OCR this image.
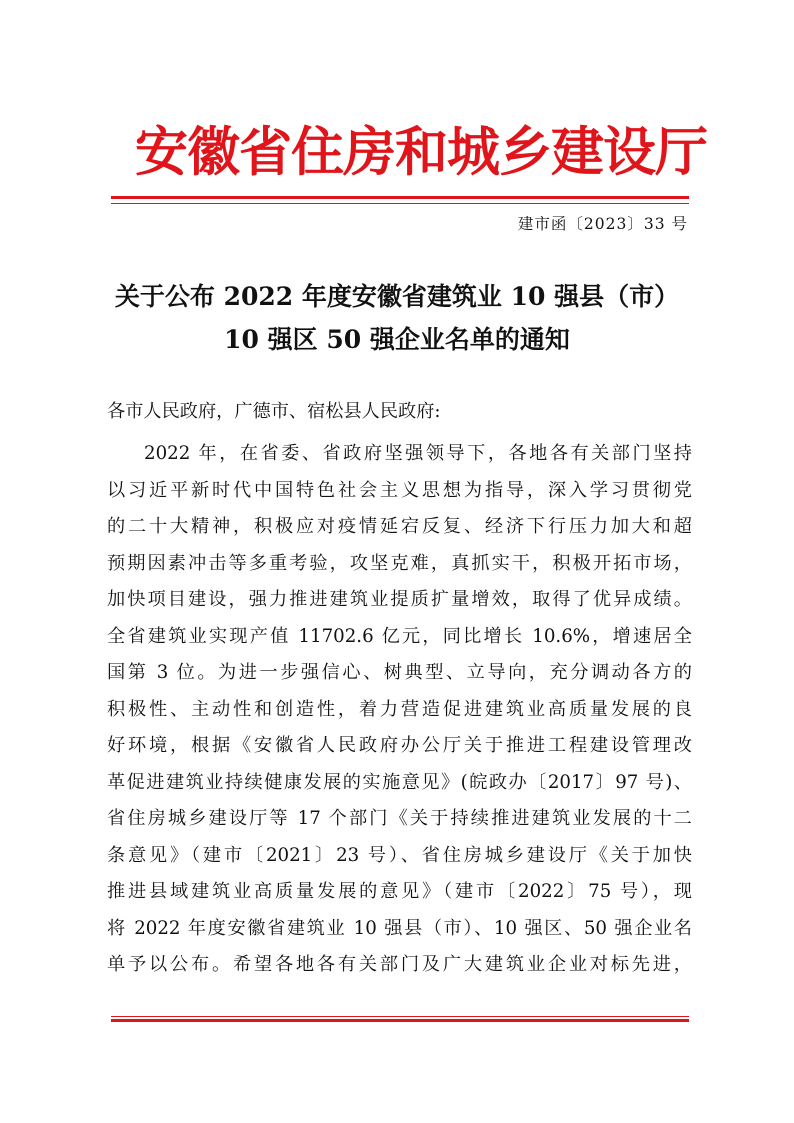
安徽省住房和城乡建设厅
建市函〔2023〕33 号
关于公布 2022 年度安徽省建筑业 10 强县（市）
10 强区 50 强企业名单的通知
各市人民政府，广德市、宿松县人民政府:
2022 年，在省委、省政府坚强领导下，各地各有关部门坚持
以习近平新时代中国特色社会主义思想为指导，深入学习贯彻党
的二十大精神，积极应对疫情延宕反复、经济下行压力加大和超
预期因素冲击等多重考验，攻坚克难，真抓实干，积极开拓市场，
加快项目建设，强力推进建筑业提质扩量增效，取得了优异成绩。
全省建筑业实现产值 11702.6 亿元，同比增长 10.6%，增速居全
国第 3 位。为进一步强信心、树典型、立导向，充分调动各方的
积极性、主动性和创造性，着力营造促进建筑业高质量发展的良
好环境，根据《安徽省人民政府办公厅关于推进工程建设管理改
革促进建筑业持续健康发展的实施意见》(皖政办〔2017〕97 号)、
省住房城乡建设厅等 17 个部门《关于持续推进建筑业发展的十二
条意见》（建市〔2021〕23 号）、省住房城乡建设厅《关于加快
推进县域建筑业高质量发展的意见》（建市〔2022〕75 号），现
将 2022 年度安徽省建筑业 10 强县（市）、10 强区、50 强企业名
单予以公布。希望各地各有关部门及广大建筑业企业对标先进，
